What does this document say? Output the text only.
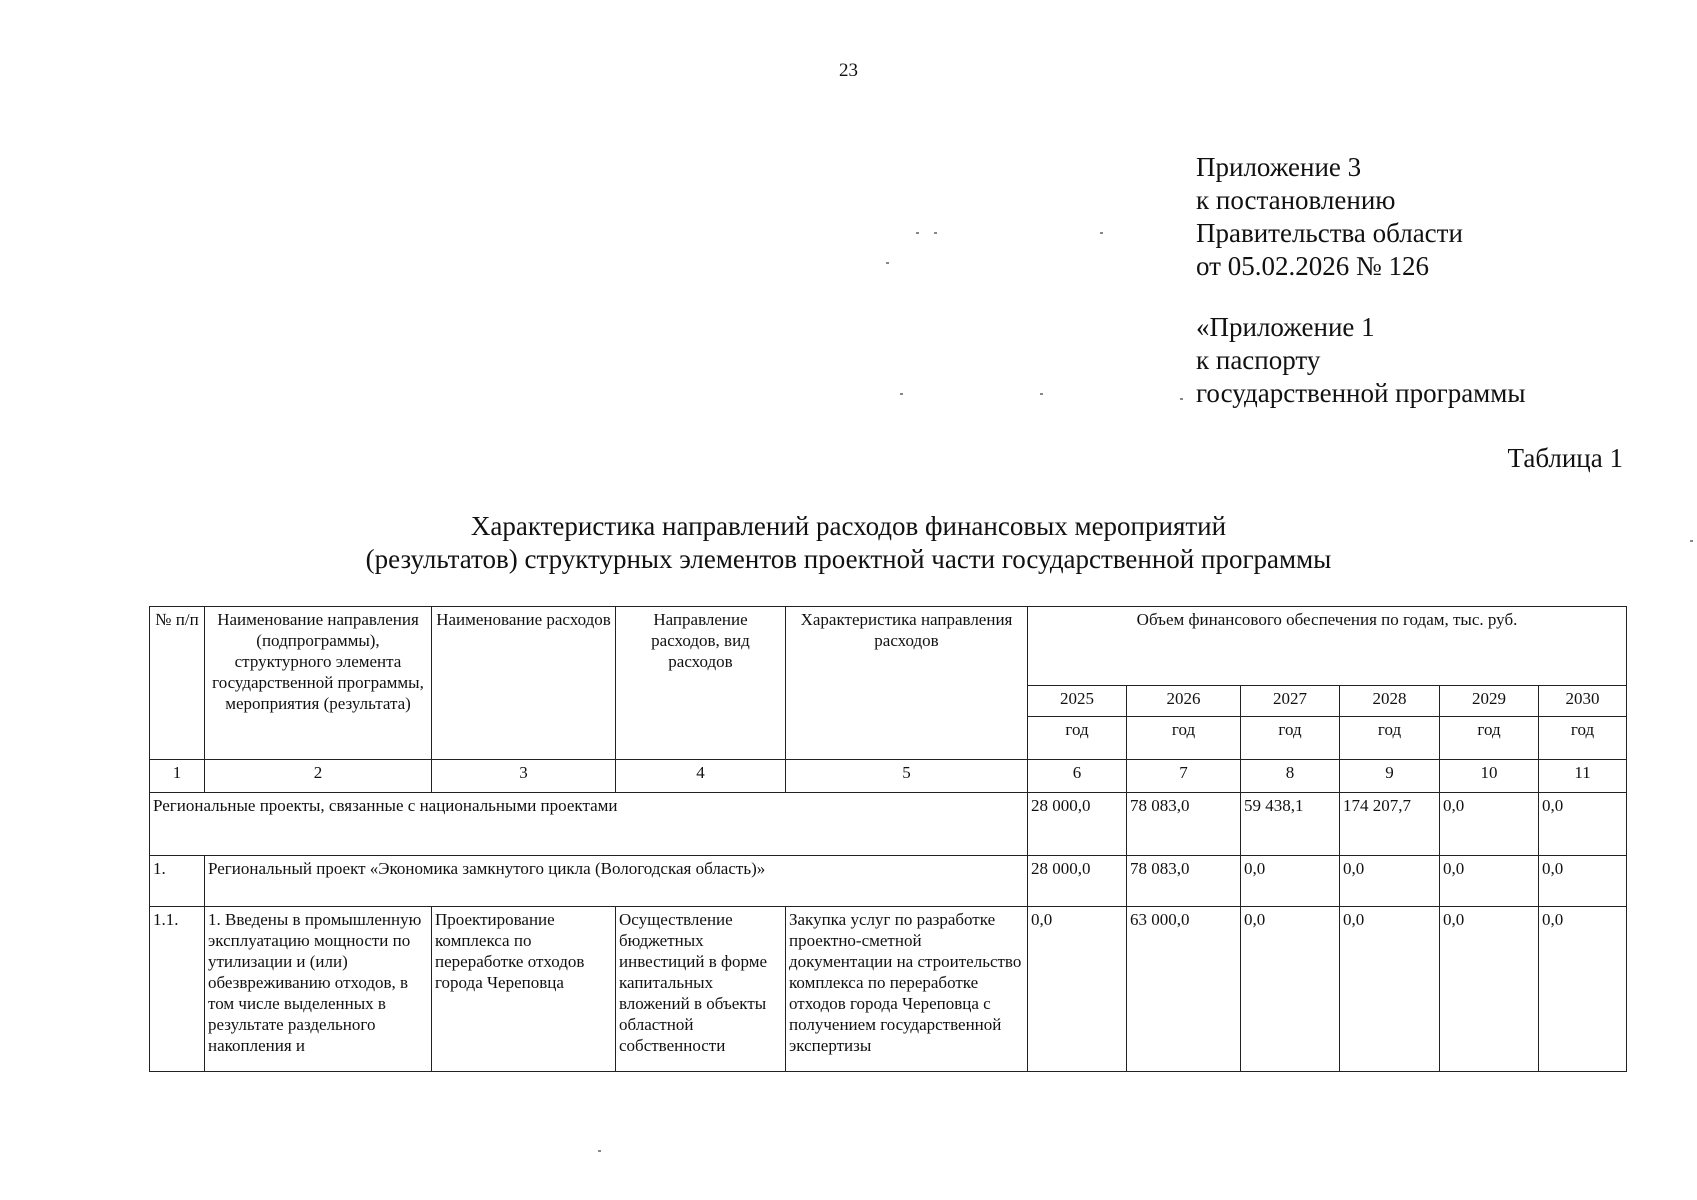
23
Приложение 3
к постановлению
Правительства области
от 05.02.2026 № 126
«Приложение 1
к паспорту
государственной программы
Таблица 1
Характеристика направлений расходов финансовых мероприятий
(результатов) структурных элементов проектной части государственной программы
№ п/п	Наименование направления (подпрограммы), структурного элемента государственной программы, мероприятия (результата)	Наименование расходов	Направление расходов, вид расходов	Характеристика направления расходов	Объем финансового обеспечения по годам, тыс. руб.					
					2025	2026	2027	2028	2029	2030
					год	год	год	год	год	год
1	2	3	4	5	6	7	8	9	10	11
Региональные проекты, связанные с национальными проектами					28 000,0	78 083,0	59 438,1	174 207,7	0,0	0,0
1.	Региональный проект «Экономика замкнутого цикла (Вологодская область)»				28 000,0	78 083,0	0,0	0,0	0,0	0,0
1.1.	1. Введены в промышленную эксплуатацию мощности по утилизации и (или) обезвреживанию отходов, в том числе выделенных в результате раздельного накопления и	Проектирование комплекса по переработке отходов города Череповца	Осуществление бюджетных инвестиций в форме капитальных вложений в объекты областной собственности	Закупка услуг по разработке проектно-сметной документации на строительство комплекса по переработке отходов города Череповца с получением государственной экспертизы	0,0	63 000,0	0,0	0,0	0,0	0,0
